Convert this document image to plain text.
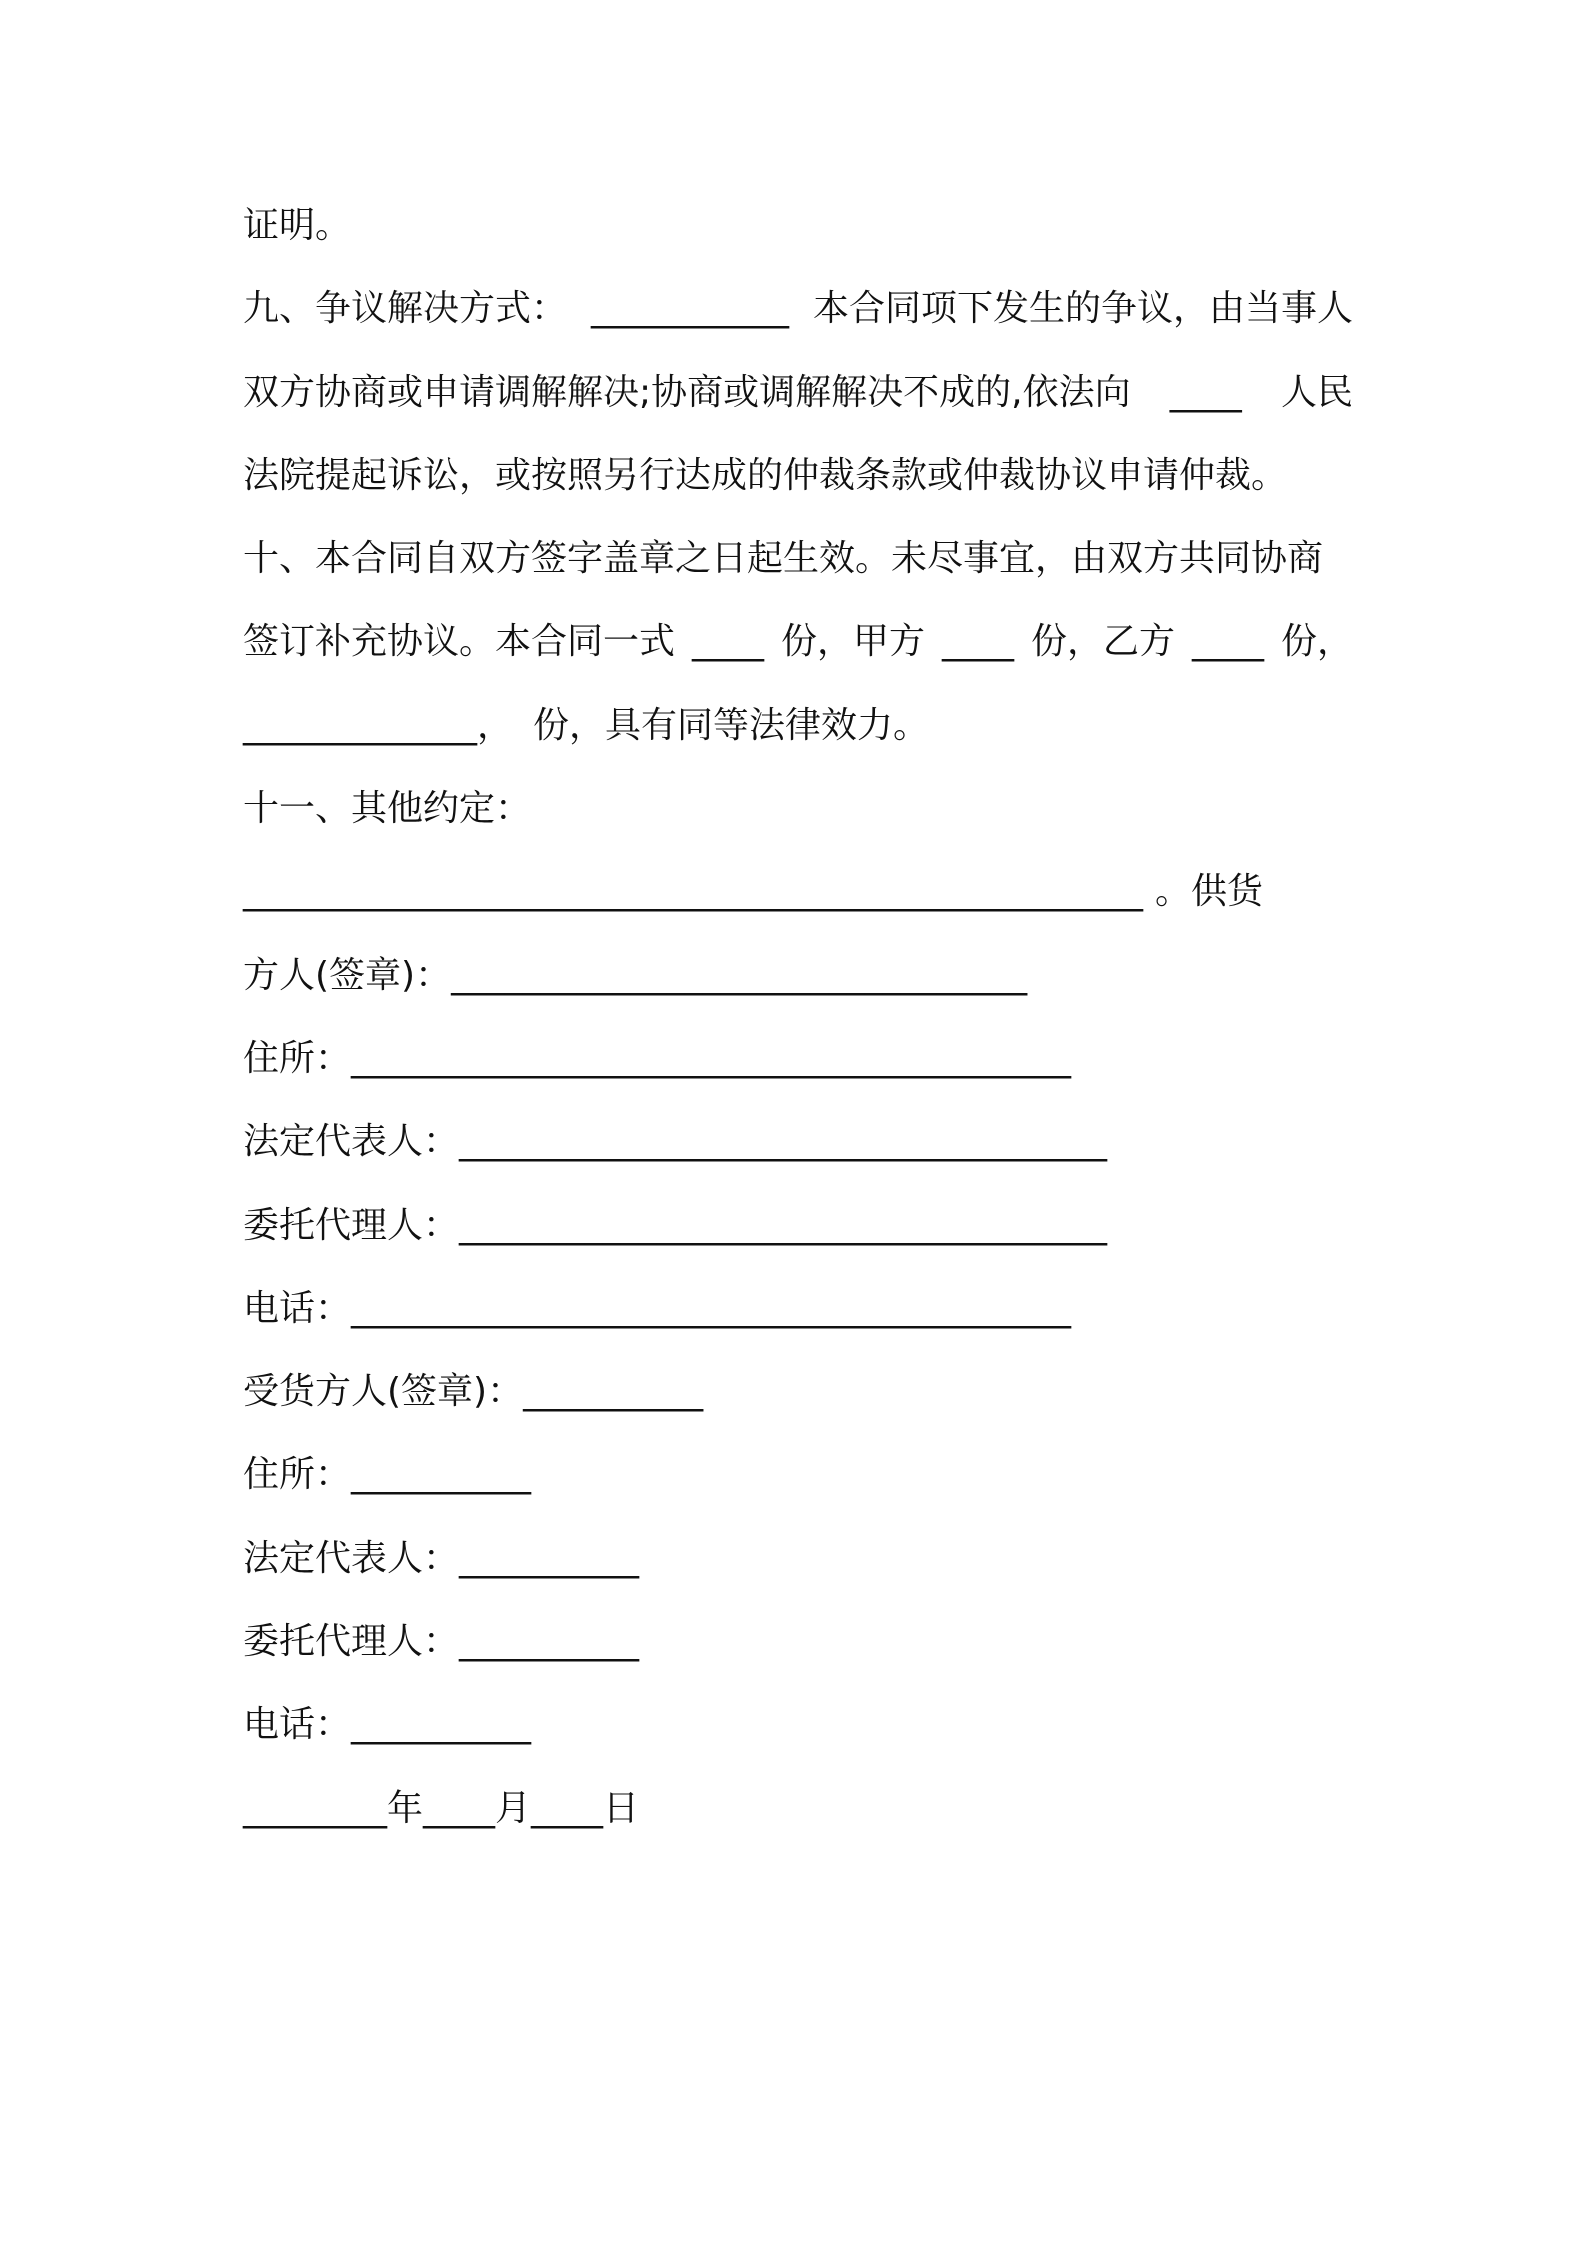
证明。
九、争议解决方式： ___________ 本合同项下发生的争议，由当事人
双方协商或申请调解解决;协商或调解解决不成的,依法向 ____ 人民
法院提起诉讼，或按照另行达成的仲裁条款或仲裁协议申请仲裁。
十、本合同自双方签字盖章之日起生效。未尽事宜，由双方共同协商
签订补充协议。本合同一式 ____ 份，甲方 ____ 份，乙方 ____ 份，
_____________， 份，具有同等法律效力。
十一、其他约定：
__________________________________________________ 。供货
方人(签章)：________________________________
住所：________________________________________
法定代表人：____________________________________
委托代理人：____________________________________
电话：________________________________________
受货方人(签章)：__________
住所：__________
法定代表人：__________
委托代理人：__________
电话：__________
________年____月____日
